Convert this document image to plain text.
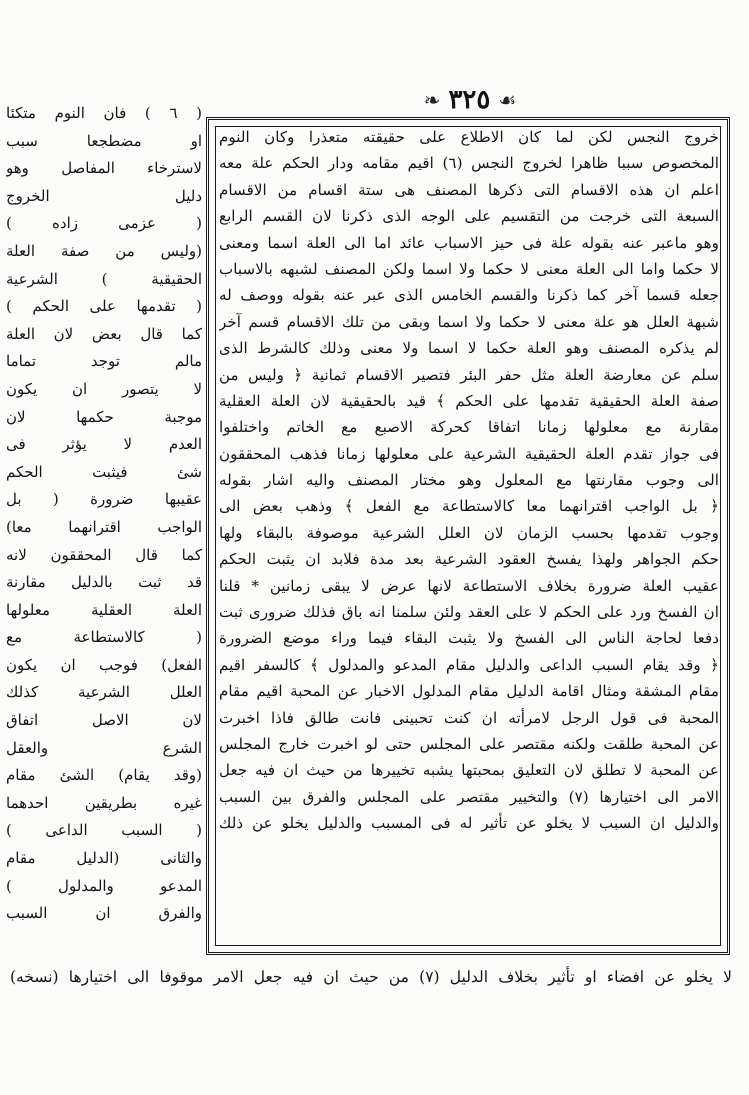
❧ ٣٢٥ ☙
خروج النجس لكن لما كان الاطلاع على حقيقته متعذرا وكان النوم
المخصوص سببا ظاهرا لخروج النجس (٦) اقيم مقامه ودار الحكم علة معه
اعلم ان هذه الاقسام التى ذكرها المصنف هى ستة اقسام من الاقسام
السبعة التى خرجت من التقسيم على الوجه الذى ذكرنا لان القسم الرابع
وهو ماعبر عنه بقوله علة فى حيز الاسباب عائد اما الى العلة اسما ومعنى
لا حكما واما الى العلة معنى لا حكما ولا اسما ولكن المصنف لشبهه بالاسباب
جعله قسما آخر كما ذكرنا والقسم الخامس الذى عبر عنه بقوله ووصف له
شبهة العلل هو علة معنى لا حكما ولا اسما وبقى من تلك الاقسام قسم آخر
لم يذكره المصنف وهو العلة حكما لا اسما ولا معنى وذلك كالشرط الذى
سلم عن معارضة العلة مثل حفر البئر فتصير الاقسام ثمانية ﴿ وليس من
صفة العلة الحقيقية تقدمها على الحكم ﴾ قيد بالحقيقية لان العلة العقلية
مقارنة مع معلولها زمانا اتفاقا كحركة الاصبع مع الخاتم واختلفوا
فى جواز تقدم العلة الحقيقية الشرعية على معلولها زمانا فذهب المحققون
الى وجوب مقارنتها مع المعلول وهو مختار المصنف واليه اشار بقوله
﴿ بل الواجب اقترانهما معا كالاستطاعة مع الفعل ﴾ وذهب بعض الى
وجوب تقدمها بحسب الزمان لان العلل الشرعية موصوفة بالبقاء ولها
حكم الجواهر ولهذا يفسخ العقود الشرعية بعد مدة فلابد ان يثبت الحكم
عقيب العلة ضرورة بخلاف الاستطاعة لانها عرض لا يبقى زمانين * قلنا
ان الفسخ ورد على الحكم لا على العقد ولئن سلمنا انه باق فذلك ضرورى ثبت
دفعا لحاجة الناس الى الفسخ ولا يثبت البقاء فيما وراء موضع الضرورة
﴿ وقد يقام السبب الداعى والدليل مقام المدعو والمدلول ﴾ كالسفر اقيم
مقام المشقة ومثال اقامة الدليل مقام المدلول الاخبار عن المحبة اقيم مقام
المحبة فى قول الرجل لامرأته ان كنت تحبينى فانت طالق فاذا اخبرت
عن المحبة طلقت ولكنه مقتصر على المجلس حتى لو اخبرت خارج المجلس
عن المحبة لا تطلق لان التعليق بمحبتها يشبه تخييرها من حيث ان فيه جعل
الامر الى اختيارها (٧) والتخيير مقتصر على المجلس والفرق بين السبب
والدليل ان السبب لا يخلو عن تأثير له فى المسبب والدليل يخلو عن ذلك
( ٦ ) فان النوم متكئا
او مضطجعا سبب
لاسترخاء المفاصل وهو
دليل الخروج
( عزمى زاده )
(وليس من صفة العلة
الحقيقية ) الشرعية
( تقدمها على الحكم )
كما قال بعض لان العلة
مالم توجد تماما
لا يتصور ان يكون
موجبة حكمها لان
العدم لا يؤثر فى
شئ فيثبت الحكم
عقيبها ضرورة ( بل
الواجب اقترانهما معا)
كما قال المحققون لانه
قد ثبت بالدليل مقارنة
العلة العقلية معلولها
( كالاستطاعة مع
الفعل) فوجب ان يكون
العلل الشرعية كذلك
لان الاصل اتفاق
الشرع والعقل
(وقد يقام) الشئ مقام
غيره بطريقين احدهما
( السبب الداعى )
والثانى (الدليل مقام
المدعو والمدلول )
والفرق ان السبب
لا يخلو عن افضاء او تأثير بخلاف الدليل (٧) من حيث ان فيه جعل الامر موقوفا الى اختيارها (نسخه)
